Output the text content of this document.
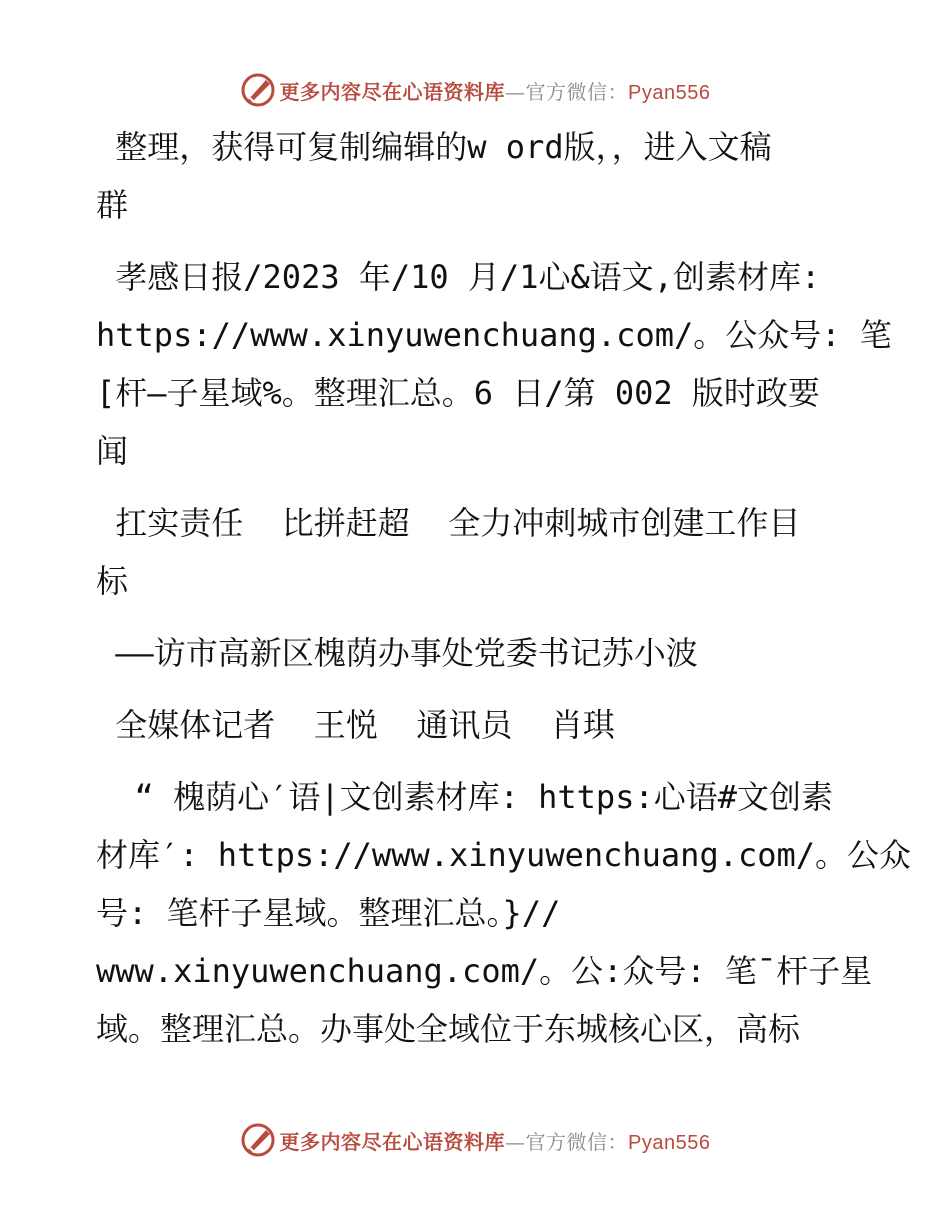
更多内容尽在心语资料库—官方微信：Pyan556
整理，获得可复制编辑的w ord版，，进入文稿
群
孝感日报/2023 年/10 月/1心&语文,创素材库:
https://www.xinyuwenchuang.com/。公众号: 笔
[杆—子星域%。整理汇总。6 日/第 002 版时政要
闻
扛实责任  比拼赶超  全力冲刺城市创建工作目
标
——访市高新区槐荫办事处党委书记苏小波
全媒体记者  王悦  通讯员  肖琪
“ 槐荫心′语|文创素材库: https:心语#文创素
材库′: https://www.xinyuwenchuang.com/。公众
号: 笔杆子星域。整理汇总。}//
www.xinyuwenchuang.com/。公:众号: 笔¯杆子星
域。整理汇总。办事处全域位于东城核心区，高标
更多内容尽在心语资料库—官方微信：Pyan556
